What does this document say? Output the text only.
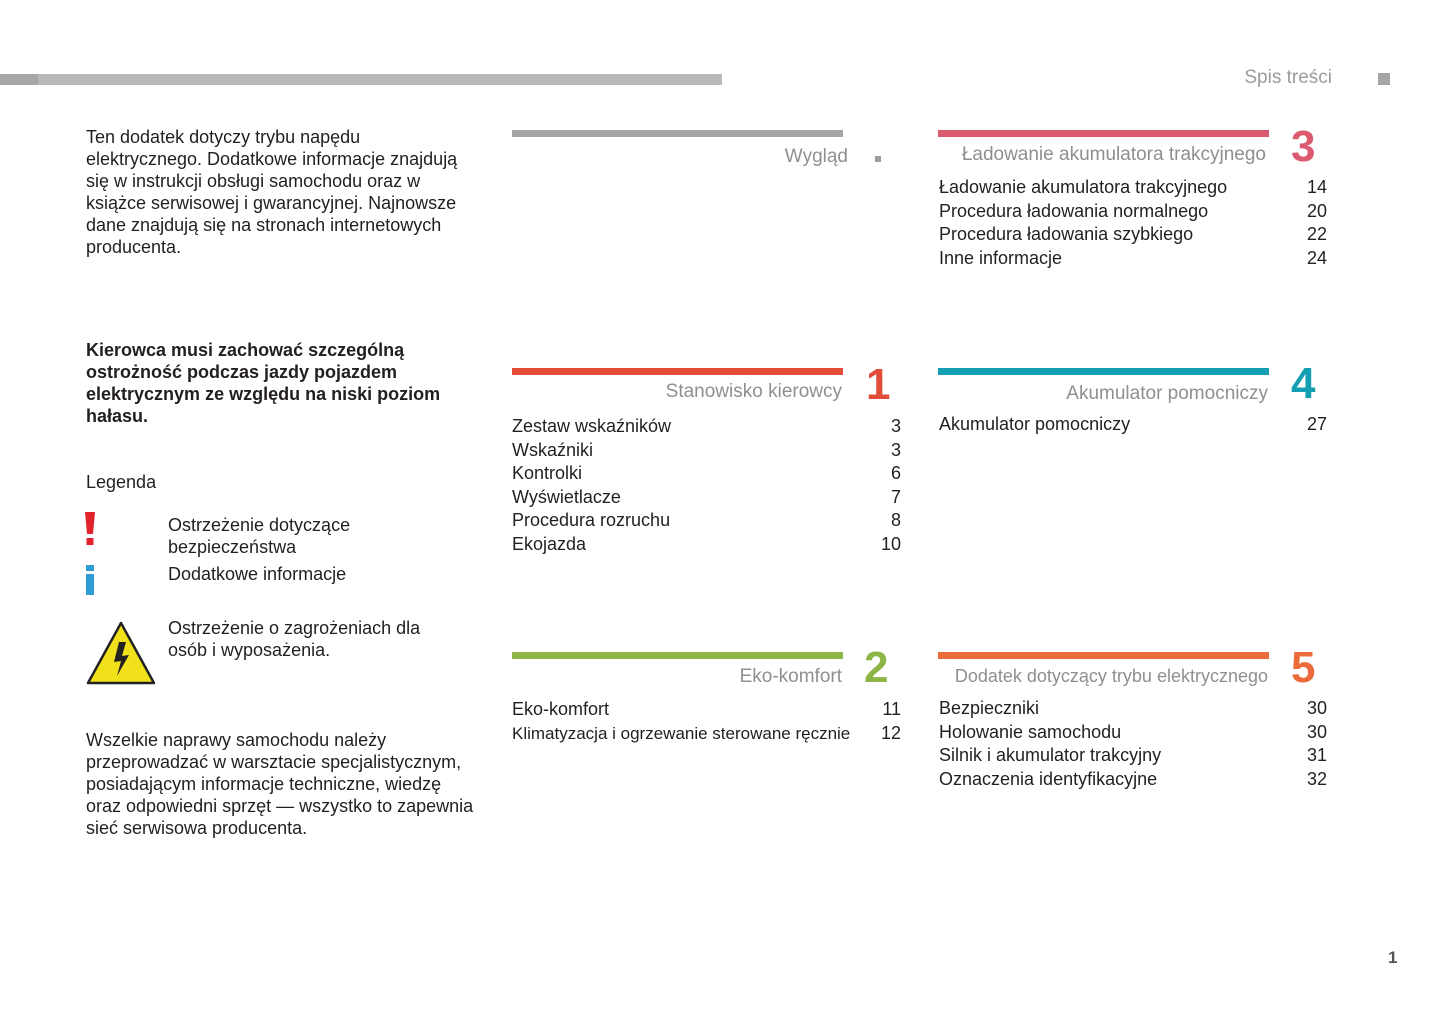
Spis treści
Ten dodatek dotyczy trybu napędu elektrycznego. Dodatkowe informacje znajdują się w instrukcji obsługi samochodu oraz w książce serwisowej i gwarancyjnej. Najnowsze dane znajdują się na stronach internetowych producenta.
Kierowca musi zachować szczególną ostrożność podczas jazdy pojazdem elektrycznym ze względu na niski poziom hałasu.
Legenda
Ostrzeżenie dotyczące bezpieczeństwa
Dodatkowe informacje
Ostrzeżenie o zagrożeniach dla osób i wyposażenia.
Wszelkie naprawy samochodu należy przeprowadzać w warsztacie specjalistycznym, posiadającym informacje techniczne, wiedzę oraz odpowiedni sprzęt — wszystko to zapewnia sieć serwisowa producenta.
Wygląd
Stanowisko kierowcy 1
Zestaw wskaźników	3
Wskaźniki	3
Kontrolki	6
Wyświetlacze	7
Procedura rozruchu	8
Ekojazda	10
Eko-komfort 2
Eko-komfort	11
Klimatyzacja i ogrzewanie sterowane ręcznie 12
Ładowanie akumulatora trakcyjnego 3
Ładowanie akumulatora trakcyjnego	14
Procedura ładowania normalnego	20
Procedura ładowania szybkiego	22
Inne informacje	24
Akumulator pomocniczy 4
Akumulator pomocniczy	27
Dodatek dotyczący trybu elektrycznego 5
Bezpieczniki	30
Holowanie samochodu	30
Silnik i akumulator trakcyjny	31
Oznaczenia identyfikacyjne	32
1
